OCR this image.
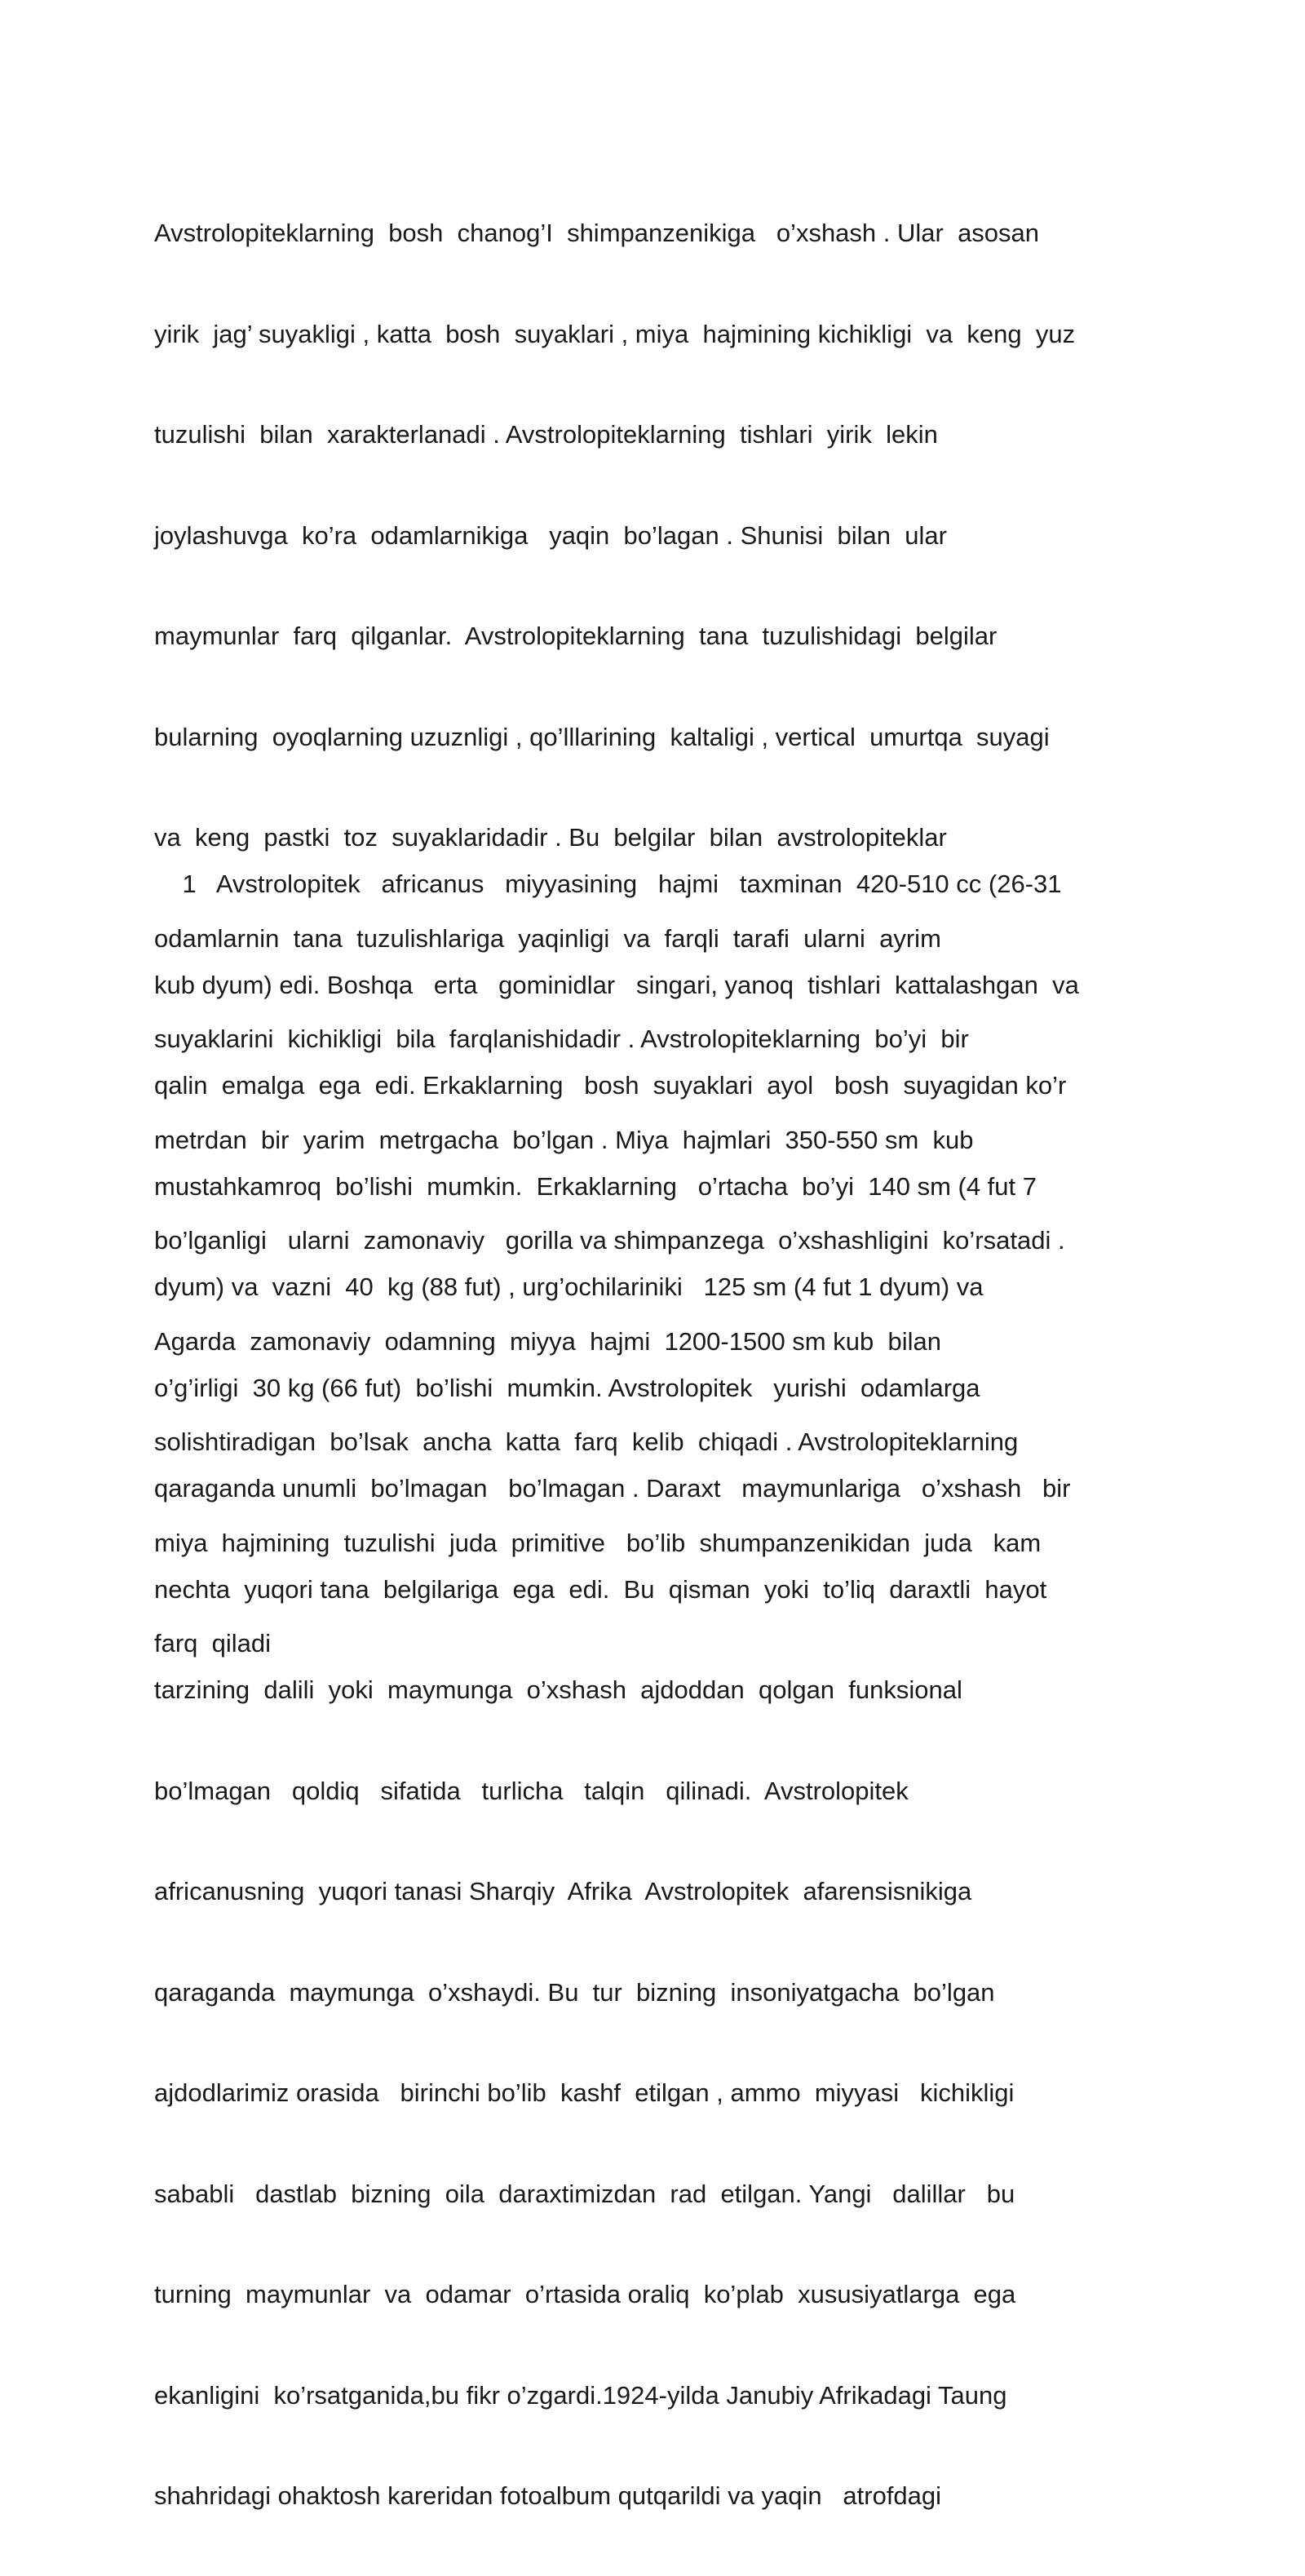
Avstrolopiteklarning  bosh  chanog’I  shimpanzenikiga   o’xshash . Ular  asosan

yirik  jag’ suyakligi , katta  bosh  suyaklari , miya  hajmining kichikligi  va  keng  yuz

tuzulishi  bilan  xarakterlanadi . Avstrolopiteklarning  tishlari  yirik  lekin

joylashuvga  ko’ra  odamlarnikiga   yaqin  bo’lagan . Shunisi  bilan  ular

maymunlar  farq  qilganlar.  Avstrolopiteklarning  tana  tuzulishidagi  belgilar

bularning  oyoqlarning uzuznligi , qo’lllarining  kaltaligi , vertical  umurtqa  suyagi

va  keng  pastki  toz  suyaklaridadir . Bu  belgilar  bilan  avstrolopiteklar

odamlarnin  tana  tuzulishlariga  yaqinligi  va  farqli  tarafi  ularni  ayrim

suyaklarini  kichikligi  bila  farqlanishidadir . Avstrolopiteklarning  bo’yi  bir

metrdan  bir  yarim  metrgacha  bo’lgan . Miya  hajmlari  350-550 sm  kub

bo’lganligi   ularni  zamonaviy   gorilla va shimpanzega  o’xshashligini  ko’rsatadi .

Agarda  zamonaviy  odamning  miyya  hajmi  1200-1500 sm kub  bilan

solishtiradigan  bo’lsak  ancha  katta  farq  kelib  chiqadi . Avstrolopiteklarning

miya  hajmining  tuzulishi  juda  primitive   bo’lib  shumpanzenikidan  juda   kam

farq  qiladi

1   Avstrolopitek   africanus   miyyasining   hajmi   taxminan  420-510 cc (26-31

kub dyum) edi. Boshqa   erta   gominidlar   singari, yanoq  tishlari  kattalashgan  va

qalin  emalga  ega  edi. Erkaklarning   bosh  suyaklari  ayol   bosh  suyagidan ko’r

mustahkamroq  bo’lishi  mumkin.  Erkaklarning   o’rtacha  bo’yi  140 sm (4 fut 7

dyum) va  vazni  40  kg (88 fut) , urg’ochilariniki   125 sm (4 fut 1 dyum) va

o’g’irligi  30 kg (66 fut)  bo’lishi  mumkin. Avstrolopitek   yurishi  odamlarga

qaraganda unumli  bo’lmagan   bo’lmagan . Daraxt   maymunlariga   o’xshash   bir

nechta  yuqori tana  belgilariga  ega  edi.  Bu  qisman  yoki  to’liq  daraxtli  hayot

tarzining  dalili  yoki  maymunga  o’xshash  ajdoddan  qolgan  funksional

bo’lmagan   qoldiq   sifatida   turlicha   talqin   qilinadi.  Avstrolopitek

africanusning  yuqori tanasi Sharqiy  Afrika  Avstrolopitek  afarensisnikiga

qaraganda  maymunga  o’xshaydi. Bu  tur  bizning  insoniyatgacha  bo’lgan

ajdodlarimiz orasida   birinchi bo’lib  kashf  etilgan , ammo  miyyasi   kichikligi

sababli   dastlab  bizning  oila  daraxtimizdan  rad  etilgan. Yangi   dalillar   bu

turning  maymunlar  va  odamar  o’rtasida oraliq  ko’plab  xususiyatlarga  ega

ekanligini  ko’rsatganida,bu fikr o’zgardi.1924-yilda Janubiy Afrikadagi Taung

shahridagi ohaktosh kareridan fotoalbum qutqarildi va yaqin   atrofdagi
